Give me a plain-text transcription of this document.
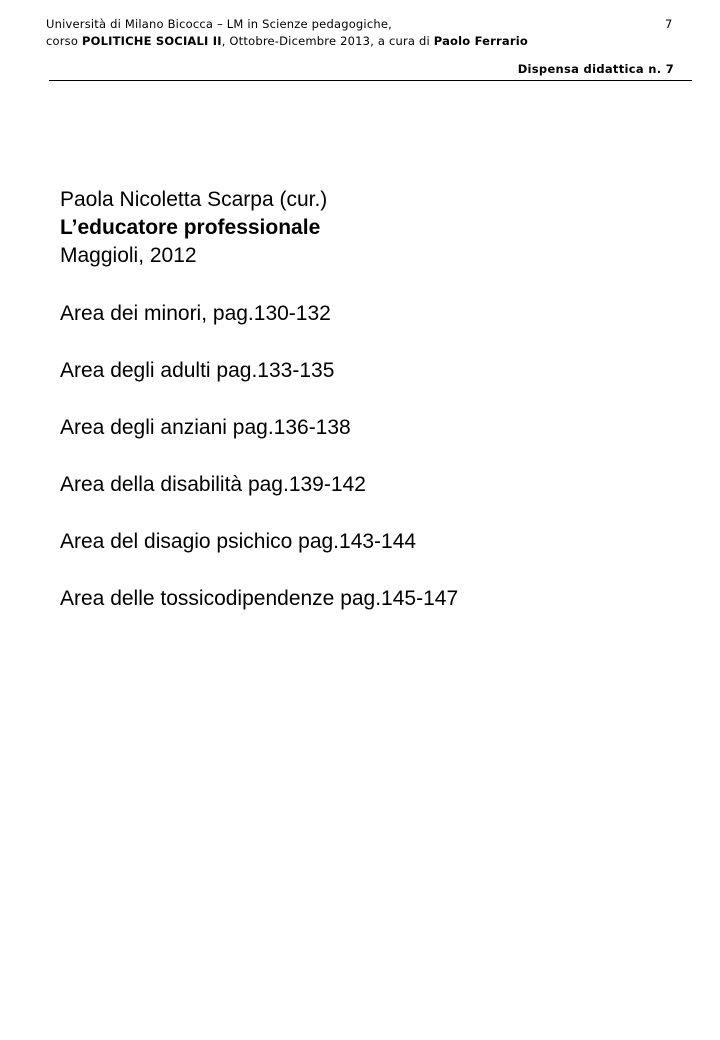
Università di Milano Bicocca – LM in Scienze pedagogiche,
corso POLITICHE SOCIALI II, Ottobre-Dicembre 2013, a cura di Paolo Ferrario
7
Dispensa didattica n. 7

Paola Nicoletta Scarpa (cur.)

L’educatore professionale

Maggioli, 2012

Area dei minori, pag.130-132

Area degli adulti pag.133-135

Area degli anziani pag.136-138

Area della disabilità pag.139-142

Area del disagio psichico pag.143-144

Area delle tossicodipendenze pag.145-147
